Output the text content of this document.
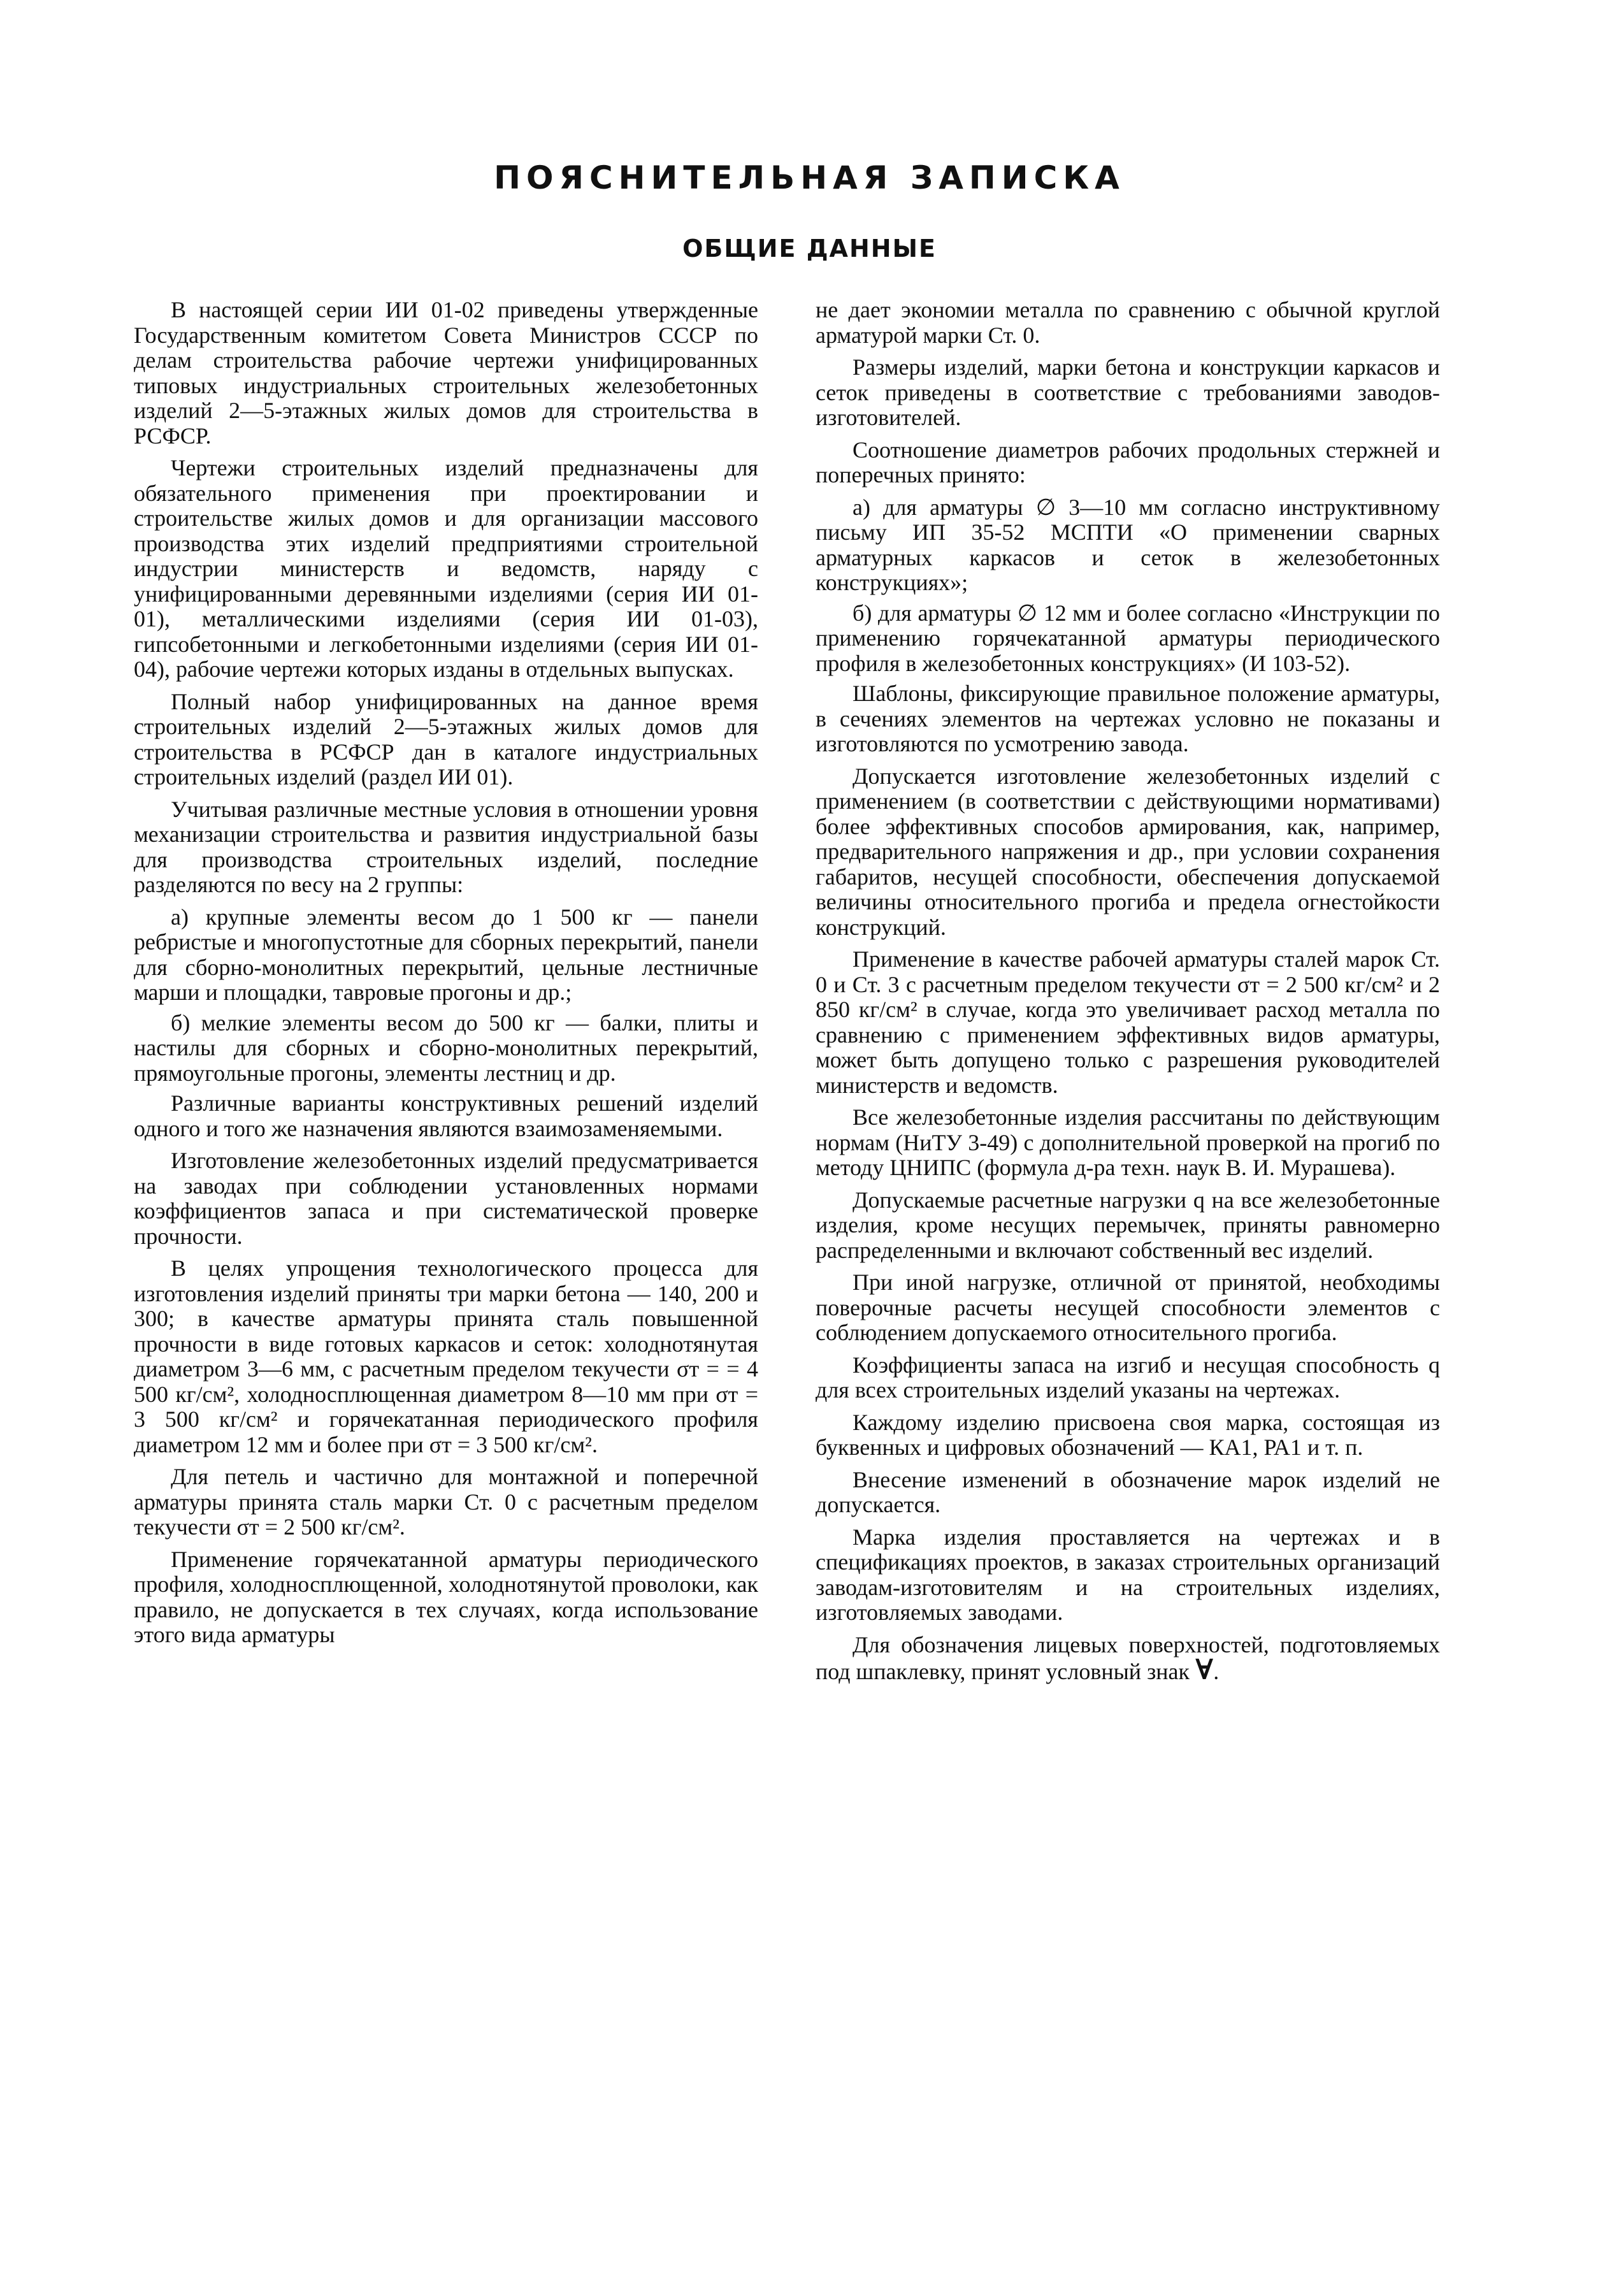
ПОЯСНИТЕЛЬНАЯ ЗАПИСКА
ОБЩИЕ ДАННЫЕ

В настоящей серии ИИ 01-02 приведены утвержденные Государственным комитетом Совета Министров СССР по делам строительства рабочие чертежи унифицированных типовых индустриальных строительных железобетонных изделий 2—5-этажных жилых домов для строительства в РСФСР.

Чертежи строительных изделий предназначены для обязательного применения при проектировании и строительстве жилых домов и для организации массового производства этих изделий предприятиями строительной индустрии министерств и ведомств, наряду с унифицированными деревянными изделиями (серия ИИ 01-01), металлическими изделиями (серия ИИ 01-03), гипсобетонными и легкобетонными изделиями (серия ИИ 01-04), рабочие чертежи которых изданы в отдельных выпусках.

Полный набор унифицированных на данное время строительных изделий 2—5-этажных жилых домов для строительства в РСФСР дан в каталоге индустриальных строительных изделий (раздел ИИ 01).

Учитывая различные местные условия в отношении уровня механизации строительства и развития индустриальной базы для производства строительных изделий, последние разделяются по весу на 2 группы:

а) крупные элементы весом до 1 500 кг — панели ребристые и многопустотные для сборных перекрытий, панели для сборно-монолитных перекрытий, цельные лестничные марши и площадки, тавровые прогоны и др.;

б) мелкие элементы весом до 500 кг — балки, плиты и настилы для сборных и сборно-монолитных перекрытий, прямоугольные прогоны, элементы лестниц и др.

Различные варианты конструктивных решений изделий одного и того же назначения являются взаимозаменяемыми.

Изготовление железобетонных изделий предусматривается на заводах при соблюдении установленных нормами коэффициентов запаса и при систематической проверке прочности.

В целях упрощения технологического процесса для изготовления изделий приняты три марки бетона — 140, 200 и 300; в качестве арматуры принята сталь повышенной прочности в виде готовых каркасов и сеток: холоднотянутая диаметром 3—6 мм, с расчетным пределом текучести σт = = 4 500 кг/см², холодносплющенная диаметром 8—10 мм при σт = 3 500 кг/см² и горячекатанная периодического профиля диаметром 12 мм и более при σт = 3 500 кг/см².

Для петель и частично для монтажной и поперечной арматуры принята сталь марки Ст. 0 с расчетным пределом текучести σт = 2 500 кг/см².

Применение горячекатанной арматуры периодического профиля, холодносплющенной, холоднотянутой проволоки, как правило, не допускается в тех случаях, когда использование этого вида арматуры

не дает экономии металла по сравнению с обычной круглой арматурой марки Ст. 0.

Размеры изделий, марки бетона и конструкции каркасов и сеток приведены в соответствие с требованиями заводов-изготовителей.

Соотношение диаметров рабочих продольных стержней и поперечных принято:

а) для арматуры ∅ 3—10 мм согласно инструктивному письму ИП 35-52 МСПТИ «О применении сварных арматурных каркасов и сеток в железобетонных конструкциях»;

б) для арматуры ∅ 12 мм и более согласно «Инструкции по применению горячекатанной арматуры периодического профиля в железобетонных конструкциях» (И 103-52).

Шаблоны, фиксирующие правильное положение арматуры, в сечениях элементов на чертежах условно не показаны и изготовляются по усмотрению завода.

Допускается изготовление железобетонных изделий с применением (в соответствии с действующими нормативами) более эффективных способов армирования, как, например, предварительного напряжения и др., при условии сохранения габаритов, несущей способности, обеспечения допускаемой величины относительного прогиба и предела огнестойкости конструкций.

Применение в качестве рабочей арматуры сталей марок Ст. 0 и Ст. 3 с расчетным пределом текучести σт = 2 500 кг/см² и 2 850 кг/см² в случае, когда это увеличивает расход металла по сравнению с применением эффективных видов арматуры, может быть допущено только с разрешения руководителей министерств и ведомств.

Все железобетонные изделия рассчитаны по действующим нормам (НиТУ 3-49) с дополнительной проверкой на прогиб по методу ЦНИПС (формула д-ра техн. наук В. И. Мурашева).

Допускаемые расчетные нагрузки q на все железобетонные изделия, кроме несущих перемычек, приняты равномерно распределенными и включают собственный вес изделий.

При иной нагрузке, отличной от принятой, необходимы поверочные расчеты несущей способности элементов с соблюдением допускаемого относительного прогиба.

Коэффициенты запаса на изгиб и несущая способность q для всех строительных изделий указаны на чертежах.

Каждому изделию присвоена своя марка, состоящая из буквенных и цифровых обозначений — КА1, РА1 и т. п.

Внесение изменений в обозначение марок изделий не допускается.

Марка изделия проставляется на чертежах и в спецификациях проектов, в заказах строительных организаций заводам-изготовителям и на строительных изделиях, изготовляемых заводами.

Для обозначения лицевых поверхностей, подготовляемых под шпаклевку, принят условный знак ∀.
